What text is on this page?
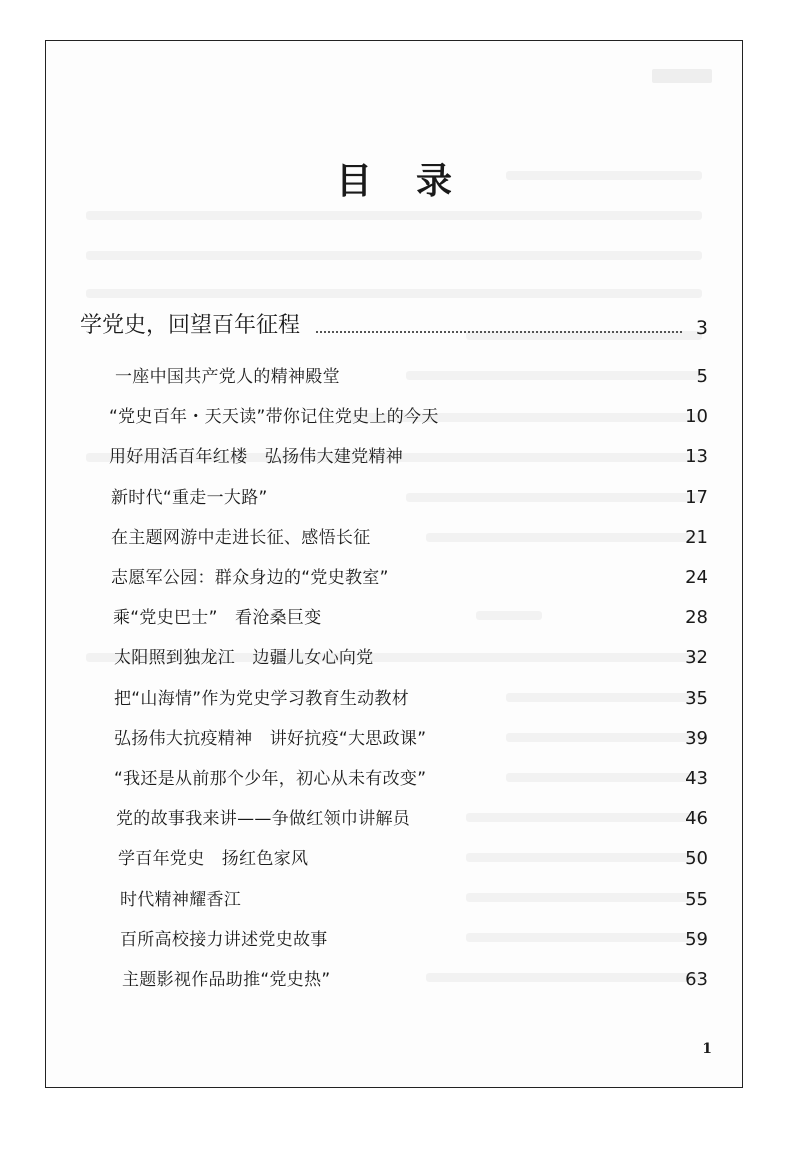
目 录
学党史，回望百年征程	3
一座中国共产党人的精神殿堂	5
“党史百年・天天读”带你记住党史上的今天	10
用好用活百年红楼　弘扬伟大建党精神	13
新时代“重走一大路”	17
在主题网游中走进长征、感悟长征	21
志愿军公园：群众身边的“党史教室”	24
乘“党史巴士”　看沧桑巨变	28
太阳照到独龙江　边疆儿女心向党	32
把“山海情”作为党史学习教育生动教材	35
弘扬伟大抗疫精神　讲好抗疫“大思政课”	39
“我还是从前那个少年，初心从未有改变”	43
党的故事我来讲——争做红领巾讲解员	46
学百年党史　扬红色家风	50
时代精神耀香江	55
百所高校接力讲述党史故事	59
主题影视作品助推“党史热”	63
1
